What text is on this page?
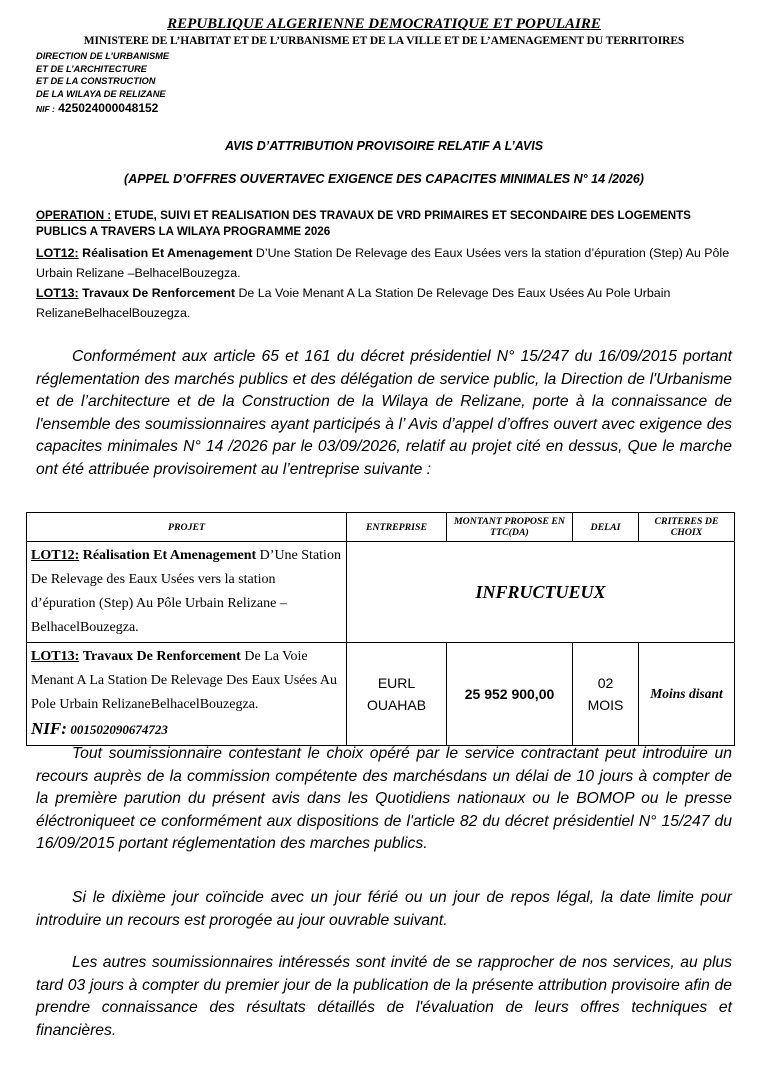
REPUBLIQUE ALGERIENNE DEMOCRATIQUE ET POPULAIRE
MINISTERE DE L’HABITAT ET DE L’URBANISME ET DE LA VILLE ET DE L’AMENAGEMENT DU TERRITOIRES
DIRECTION DE L’URBANISME
ET DE L’ARCHITECTURE
ET DE LA CONSTRUCTION
DE LA WILAYA DE RELIZANE
NIF : 425024000048152
AVIS D’ATTRIBUTION PROVISOIRE RELATIF A L’AVIS
(APPEL D’OFFRES OUVERTAVEC EXIGENCE DES CAPACITES MINIMALES N° 14 /2026)
OPERATION : ETUDE, SUIVI ET REALISATION DES TRAVAUX DE VRD PRIMAIRES ET SECONDAIRE DES LOGEMENTS PUBLICS A TRAVERS LA WILAYA PROGRAMME 2026
LOT12: Réalisation Et Amenagement D’Une Station De Relevage des Eaux Usées vers la station d’épuration (Step) Au Pôle Urbain Relizane –BelhacelBouzegza.
LOT13: Travaux De Renforcement De La Voie Menant A La Station De Relevage Des Eaux Usées Au Pole Urbain RelizaneBelhacelBouzegza.
Conformément aux article 65 et 161 du décret présidentiel N° 15/247 du 16/09/2015 portant réglementation des marchés publics et des délégation de service public, la Direction de l'Urbanisme et de l’architecture et de la Construction de la Wilaya de Relizane, porte à la connaissance de l'ensemble des soumissionnaires ayant participés à l’ Avis d’appel d’offres ouvert avec exigence des capacites minimales N° 14 /2026 par le 03/09/2026, relatif au projet cité en dessus, Que le marche ont été attribuée provisoirement au l’entreprise suivante :
PROJET	ENTREPRISE	MONTANT PROPOSE EN TTC(DA)	DELAI	CRITERES DE CHOIX
LOT12: Réalisation Et Amenagement D’Une Station De Relevage des Eaux Usées vers la station d’épuration (Step) Au Pôle Urbain Relizane – BelhacelBouzegza.	INFRUCTUEUX			
LOT13: Travaux De Renforcement De La Voie Menant A La Station De Relevage Des Eaux Usées Au Pole Urbain RelizaneBelhacelBouzegza.
NIF: 001502090674723	EURL OUAHAB	25 952 900,00	02 MOIS	Moins disant
Tout soumissionnaire contestant le choix opéré par le service contractant peut introduire un recours auprès de la commission compétente des marchésdans un délai de 10 jours à compter de la première parution du présent avis dans les Quotidiens nationaux ou le BOMOP ou le presse éléctroniqueet ce conformément aux dispositions de l'article 82 du décret présidentiel N° 15/247 du 16/09/2015 portant réglementation des marches publics.
Si le dixième jour coïncide avec un jour férié ou un jour de repos légal, la date limite pour introduire un recours est prorogée au jour ouvrable suivant.
Les autres soumissionnaires intéressés sont invité de se rapprocher de nos services, au plus tard 03 jours à compter du premier jour de la publication de la présente attribution provisoire afin de prendre connaissance des résultats détaillés de l'évaluation de leurs offres techniques et financières.
